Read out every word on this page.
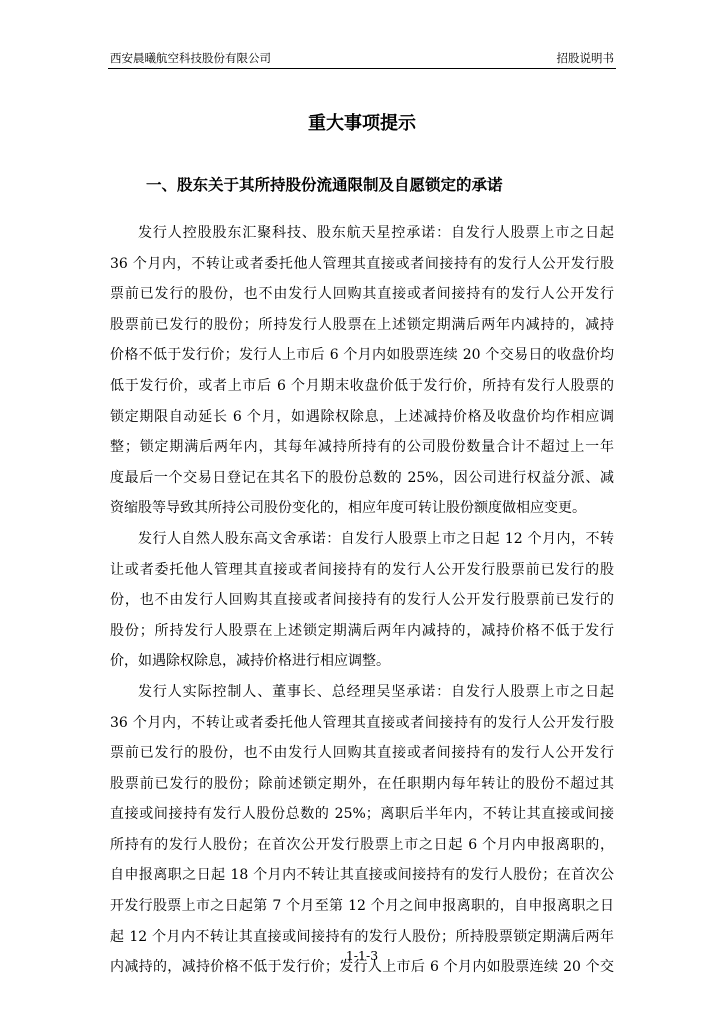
西安晨曦航空科技股份有限公司	招股说明书
重大事项提示
一、股东关于其所持股份流通限制及自愿锁定的承诺
发行人控股股东汇聚科技、股东航天星控承诺：自发行人股票上市之日起
36 个月内，不转让或者委托他人管理其直接或者间接持有的发行人公开发行股
票前已发行的股份，也不由发行人回购其直接或者间接持有的发行人公开发行
股票前已发行的股份；所持发行人股票在上述锁定期满后两年内减持的，减持
价格不低于发行价；发行人上市后 6 个月内如股票连续 20 个交易日的收盘价均
低于发行价，或者上市后 6 个月期末收盘价低于发行价，所持有发行人股票的
锁定期限自动延长 6 个月，如遇除权除息，上述减持价格及收盘价均作相应调
整；锁定期满后两年内，其每年减持所持有的公司股份数量合计不超过上一年
度最后一个交易日登记在其名下的股份总数的 25%，因公司进行权益分派、减
资缩股等导致其所持公司股份变化的，相应年度可转让股份额度做相应变更。
发行人自然人股东高文舍承诺：自发行人股票上市之日起 12 个月内，不转
让或者委托他人管理其直接或者间接持有的发行人公开发行股票前已发行的股
份，也不由发行人回购其直接或者间接持有的发行人公开发行股票前已发行的
股份；所持发行人股票在上述锁定期满后两年内减持的，减持价格不低于发行
价，如遇除权除息，减持价格进行相应调整。
发行人实际控制人、董事长、总经理吴坚承诺：自发行人股票上市之日起
36 个月内，不转让或者委托他人管理其直接或者间接持有的发行人公开发行股
票前已发行的股份，也不由发行人回购其直接或者间接持有的发行人公开发行
股票前已发行的股份；除前述锁定期外，在任职期内每年转让的股份不超过其
直接或间接持有发行人股份总数的 25%；离职后半年内，不转让其直接或间接
所持有的发行人股份；在首次公开发行股票上市之日起 6 个月内申报离职的，
自申报离职之日起 18 个月内不转让其直接或间接持有的发行人股份；在首次公
开发行股票上市之日起第 7 个月至第 12 个月之间申报离职的，自申报离职之日
起 12 个月内不转让其直接或间接持有的发行人股份；所持股票锁定期满后两年
内减持的，减持价格不低于发行价；发行人上市后 6 个月内如股票连续 20 个交
1-1-3
